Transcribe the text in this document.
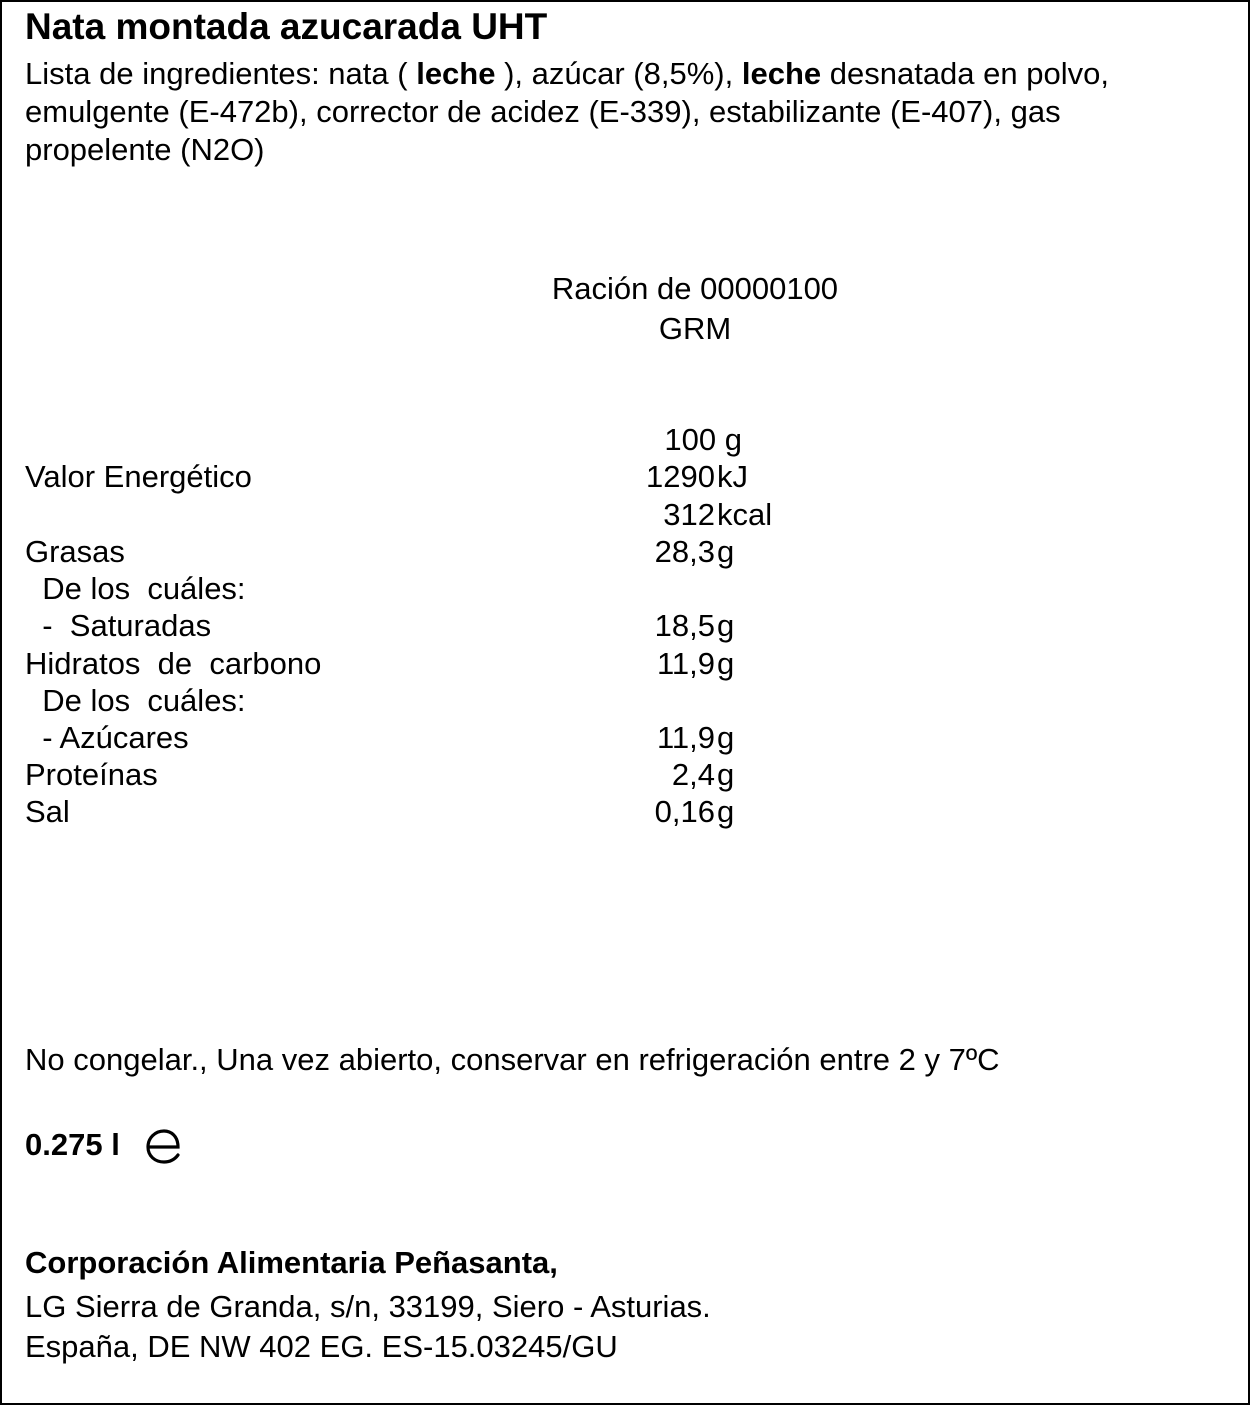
Nata montada azucarada UHT
Lista de ingredientes: nata ( leche ), azúcar (8,5%), leche desnatada en polvo, emulgente (E-472b), corrector de acidez (E-339), estabilizante (E-407), gas propelente (N2O)
Ración de 00000100
GRM
100 g
Valor Energético	1290 kJ
312 kcal
Grasas	28,3 g
De los  cuáles:
-  Saturadas	18,5 g
Hidratos  de  carbono	11,9 g
De los  cuáles:
- Azúcares	11,9 g
Proteínas	2,4 g
Sal	0,16 g
No congelar., Una vez abierto, conservar en refrigeración entre 2 y 7ºC
0.275 l
Corporación Alimentaria Peñasanta,
LG Sierra de Granda, s/n, 33199, Siero - Asturias.
España, DE NW 402 EG. ES-15.03245/GU
